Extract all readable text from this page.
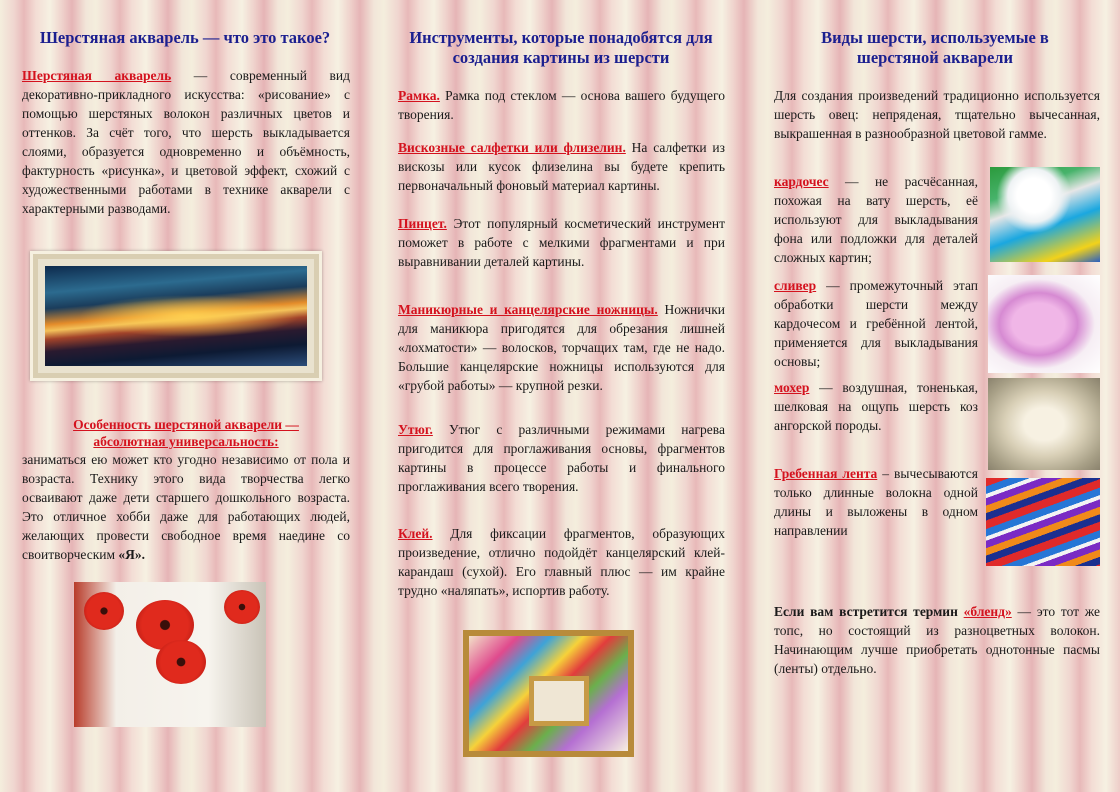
Шерстяная акварель — что это такое?

Шерстяная акварель — современный вид декоративно-прикладного искусства: «рисование» с помощью шерстяных волокон различных цветов и оттенков. За счёт того, что шерсть выкладывается слоями, образуется одновременно и объёмность, фактурность «рисунка», и цветовой эффект, схожий с художественными работами в технике акварели с характерными разводами.

Особенность шерстяной акварели — абсолютная универсальность:

заниматься ею может кто угодно независимо от пола и возраста. Технику этого вида творчества легко осваивают даже дети старшего дошкольного возраста. Это отличное хобби даже для работающих людей, желающих провести свободное время наедине со своитворческим «Я».

Инструменты, которые понадобятся для создания картины из шерсти

Рамка. Рамка под стеклом — основа вашего будущего творения.

Вискозные салфетки или флизелин. На салфетки из вискозы или кусок флизелина вы будете крепить первоначальный фоновый материал картины.

Пинцет. Этот популярный косметический инструмент поможет в работе с мелкими фрагментами и при выравнивании деталей картины.

Маникюрные и канцелярские ножницы. Ножнички для маникюра пригодятся для обрезания лишней «лохматости» — волосков, торчащих там, где не надо. Большие канцелярские ножницы используются для «грубой работы» — крупной резки.

Утюг. Утюг с различными режимами нагрева пригодится для проглаживания основы, фрагментов картины в процессе работы и финального проглаживания всего творения.

Клей. Для фиксации фрагментов, образующих произведение, отлично подойдёт канцелярский клей-карандаш (сухой). Его главный плюс — им крайне трудно «наляпать», испортив работу.

Виды шерсти, используемые в шерстяной акварели

Для создания произведений традиционно используется шерсть овец: непряденая, тщательно вычесанная, выкрашенная в разнообразной цветовой гамме.

кардочес — не расчёсанная, похожая на вату шерсть, её используют для выкладывания фона или подложки для деталей сложных картин;

сливер — промежуточный этап обработки шерсти между кардочесом и гребённой лентой, применяется для выкладывания основы;

мохер — воздушная, тоненькая, шелковая на ощупь шерсть коз ангорской породы.

Гребенная лента – вычесываются только длинные волокна одной длины и выложены в одном направлении

Если вам встретится термин «бленд» — это тот же топс, но состоящий из разноцветных волокон. Начинающим лучше приобретать однотонные пасмы (ленты) отдельно.
